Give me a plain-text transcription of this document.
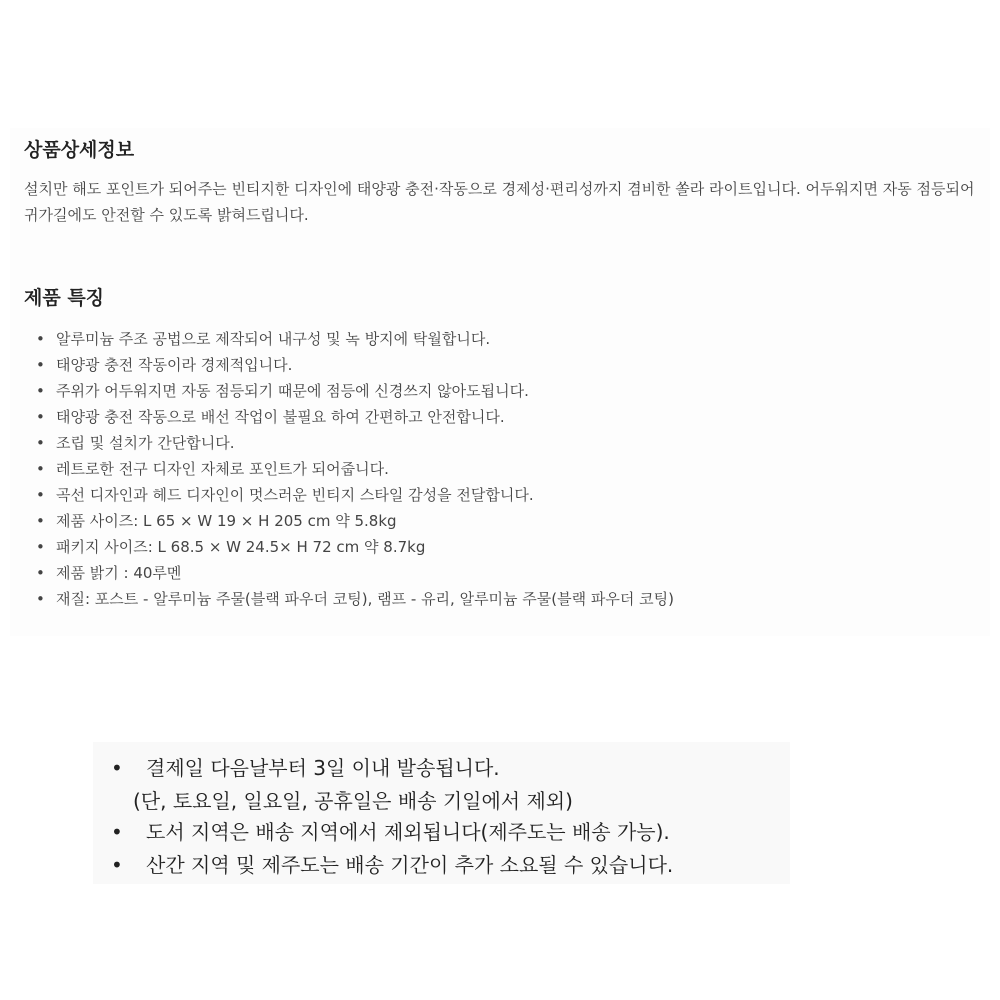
상품상세정보

설치만 해도 포인트가 되어주는 빈티지한 디자인에 태양광 충전·작동으로 경제성·편리성까지 겸비한 쏠라 라이트입니다. 어두워지면 자동 점등되어 귀가길에도 안전할 수 있도록 밝혀드립니다.

제품 특징
• 알루미늄 주조 공법으로 제작되어 내구성 및 녹 방지에 탁월합니다.
• 태양광 충전 작동이라 경제적입니다.
• 주위가 어두워지면 자동 점등되기 때문에 점등에 신경쓰지 않아도됩니다.
• 태양광 충전 작동으로 배선 작업이 불필요 하여 간편하고 안전합니다.
• 조립 및 설치가 간단합니다.
• 레트로한 전구 디자인 자체로 포인트가 되어줍니다.
• 곡선 디자인과 헤드 디자인이 멋스러운 빈티지 스타일 감성을 전달합니다.
• 제품 사이즈: L 65 × W 19 × H 205 cm 약 5.8kg
• 패키지 사이즈: L 68.5 × W 24.5× H 72 cm 약 8.7kg
• 제품 밝기 : 40루멘
• 재질: 포스트 - 알루미늄 주물(블랙 파우더 코팅), 램프 - 유리, 알루미늄 주물(블랙 파우더 코팅)
• 결제일 다음날부터 3일 이내 발송됩니다.
(단, 토요일, 일요일, 공휴일은 배송 기일에서 제외)
• 도서 지역은 배송 지역에서 제외됩니다(제주도는 배송 가능).
• 산간 지역 및 제주도는 배송 기간이 추가 소요될 수 있습니다.
